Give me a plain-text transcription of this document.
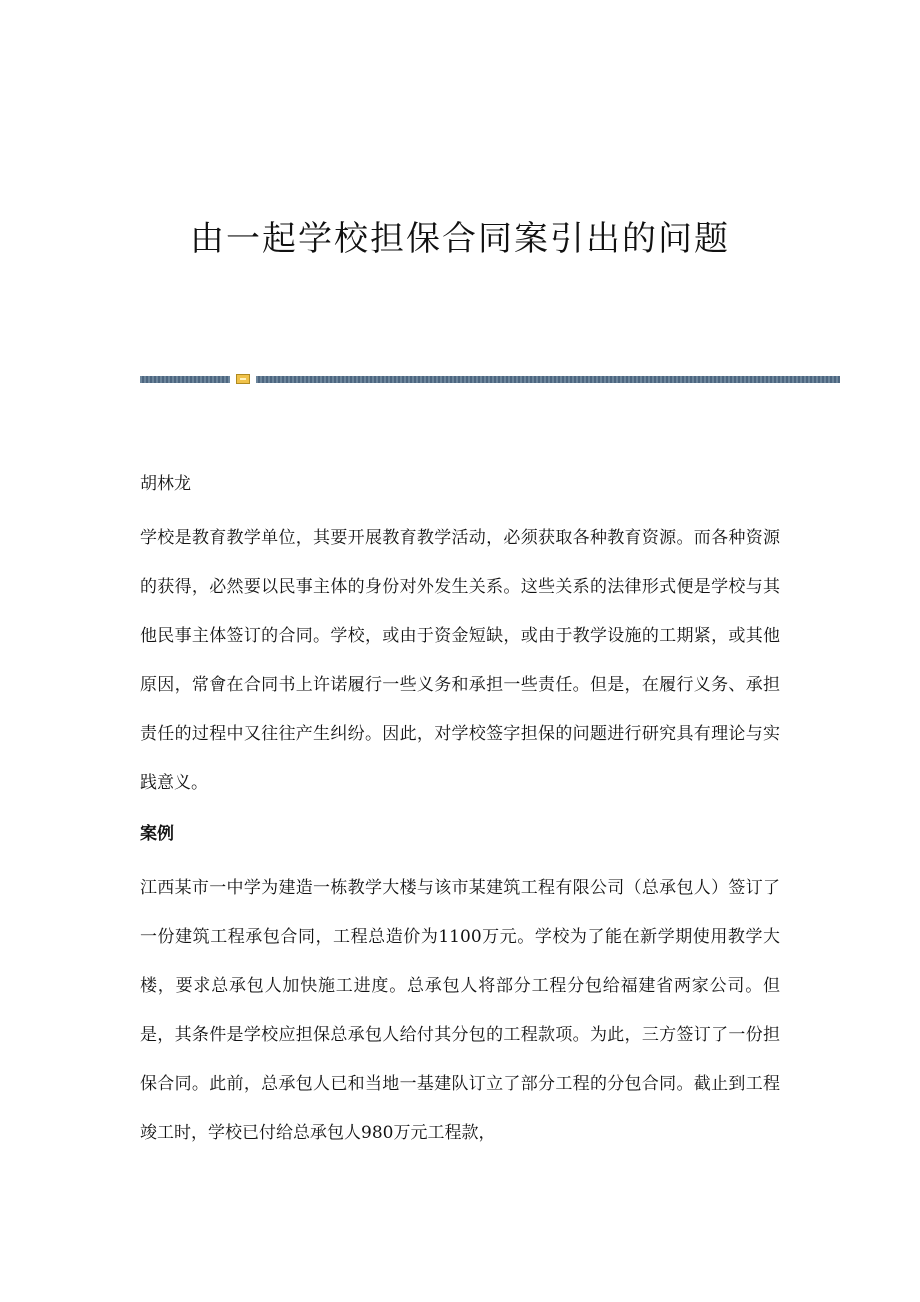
由一起学校担保合同案引出的问题
胡林龙

学校是教育教学单位，其要开展教育教学活动，必须获取各种教育资源。而各种资源的获得，必然要以民事主体的身份对外发生关系。这些关系的法律形式便是学校与其他民事主体签订的合同。学校，或由于资金短缺，或由于教学设施的工期紧，或其他原因，常會在合同书上许诺履行一些义务和承担一些责任。但是，在履行义务、承担责任的过程中又往往产生纠纷。因此，对学校签字担保的问题进行研究具有理论与实践意义。

案例

江西某市一中学为建造一栋教学大楼与该市某建筑工程有限公司（总承包人）签订了一份建筑工程承包合同，工程总造价为1100万元。学校为了能在新学期使用教学大楼，要求总承包人加快施工进度。总承包人将部分工程分包给福建省两家公司。但是，其条件是学校应担保总承包人给付其分包的工程款项。为此，三方签订了一份担保合同。此前，总承包人已和当地一基建队订立了部分工程的分包合同。截止到工程竣工时，学校已付给总承包人980万元工程款，
